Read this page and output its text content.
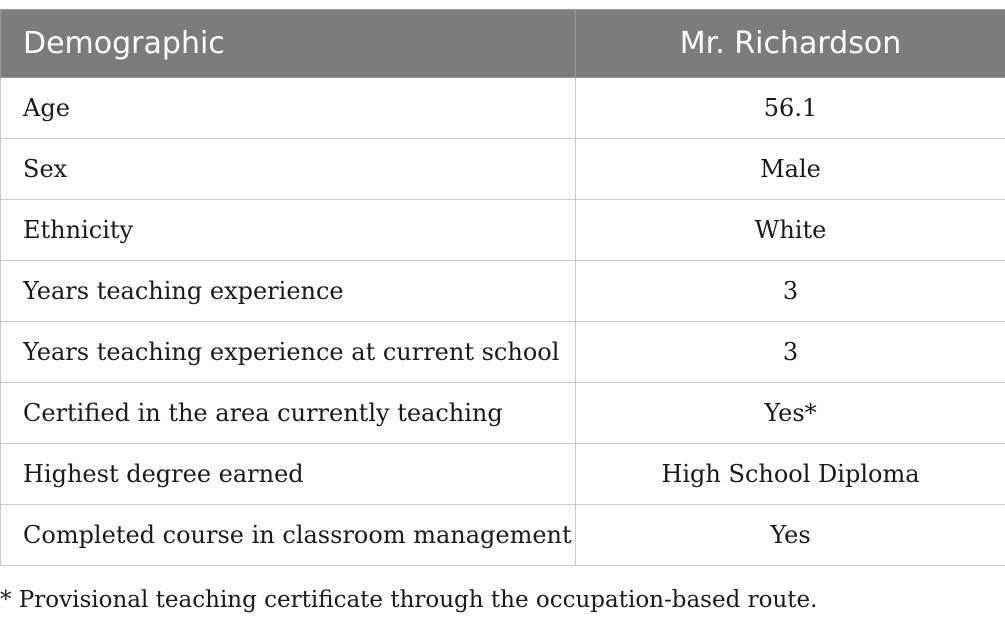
Demographic	Mr. Richardson
Age	56.1
Sex	Male
Ethnicity	White
Years teaching experience	3
Years teaching experience at current school	3
Certified in the area currently teaching	Yes*
Highest degree earned	High School Diploma
Completed course in classroom management	Yes
* Provisional teaching certificate through the occupation-based route.
